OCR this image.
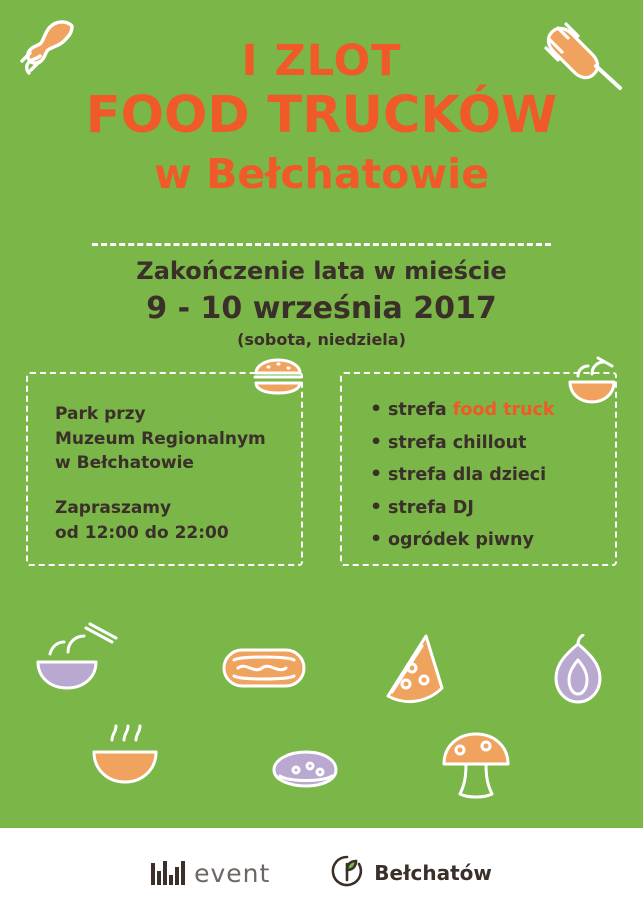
I ZLOT
FOOD TRUCKÓW
w Bełchatowie
Zakończenie lata w mieście
9 - 10 września 2017
(sobota, niedziela)
Park przy
Muzeum Regionalnym
w Bełchatowie
Zapraszamy
od 12:00 do 22:00
• strefa food truck
• strefa chillout
• strefa dla dzieci
• strefa DJ
• ogródek piwny
event	Bełchatów
